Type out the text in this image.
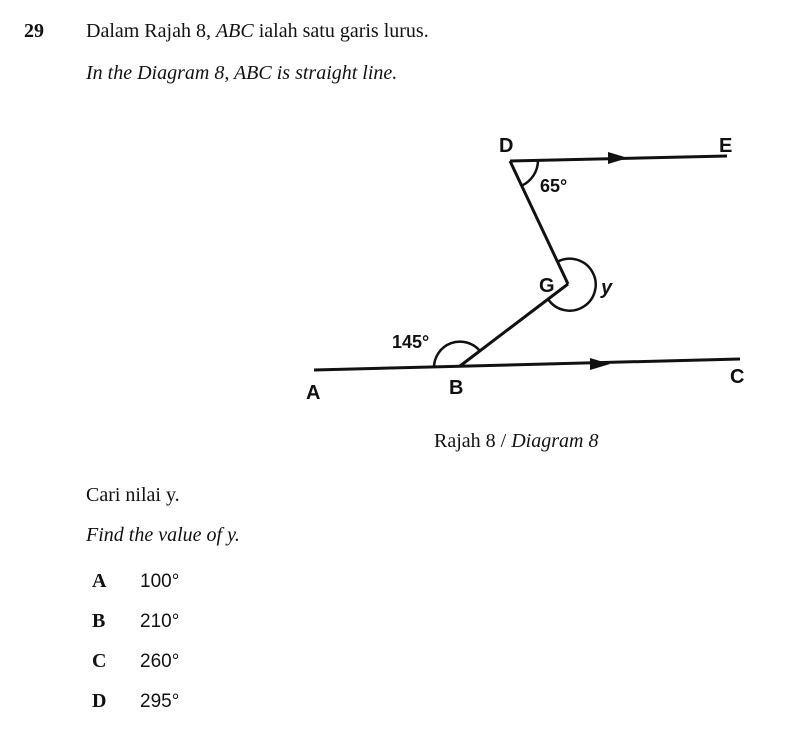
29 Dalam Rajah 8, ABC ialah satu garis lurus.
In the Diagram 8, ABC is straight line.
D	E
G y
A	B	C
65°
145°
Rajah 8 / Diagram 8
Cari nilai y.
Find the value of y.
A	100°
B	210°
C	260°
D	295°
